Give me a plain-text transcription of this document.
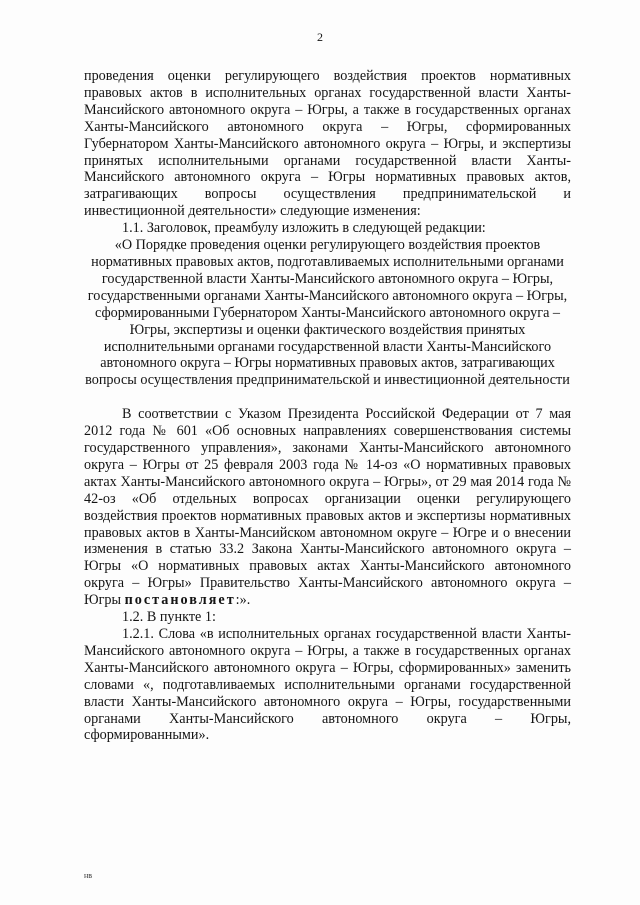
2

проведения оценки регулирующего воздействия проектов нормативных правовых актов в исполнительных органах государственной власти Ханты-Мансийского автономного округа – Югры, а также в государственных органах Ханты-Мансийского автономного округа – Югры, сформированных Губернатором Ханты-Мансийского автономного округа – Югры, и экспертизы принятых исполнительными органами государственной власти Ханты-Мансийского автономного округа – Югры нормативных правовых актов, затрагивающих вопросы осуществления предпринимательской и инвестиционной деятельности» следующие изменения:

1.1. Заголовок, преамбулу изложить в следующей редакции:

«О Порядке проведения оценки регулирующего воздействия проектов нормативных правовых актов, подготавливаемых исполнительными органами государственной власти Ханты-Мансийского автономного округа – Югры, государственными органами Ханты-Мансийского автономного округа – Югры, сформированными Губернатором Ханты-Мансийского автономного округа – Югры, экспертизы и оценки фактического воздействия принятых исполнительными органами государственной власти Ханты-Мансийского автономного округа – Югры нормативных правовых актов, затрагивающих вопросы осуществления предпринимательской и инвестиционной деятельности

В соответствии с Указом Президента Российской Федерации от 7 мая 2012 года № 601 «Об основных направлениях совершенствования системы государственного управления», законами Ханты-Мансийского автономного округа – Югры от 25 февраля 2003 года № 14-оз «О нормативных правовых актах Ханты-Мансийского автономного округа – Югры», от 29 мая 2014 года № 42-оз «Об отдельных вопросах организации оценки регулирующего воздействия проектов нормативных правовых актов и экспертизы нормативных правовых актов в Ханты-Мансийском автономном округе – Югре и о внесении изменения в статью 33.2 Закона Ханты-Мансийского автономного округа – Югры «О нормативных правовых актах Ханты-Мансийского автономного округа – Югры» Правительство Ханты-Мансийского автономного округа – Югры постановляет:».

1.2. В пункте 1:

1.2.1. Слова «в исполнительных органах государственной власти Ханты-Мансийского автономного округа – Югры, а также в государственных органах Ханты-Мансийского автономного округа – Югры, сформированных» заменить словами «, подготавливаемых исполнительными органами государственной власти Ханты-Мансийского автономного округа – Югры, государственными органами Ханты-Мансийского автономного округа – Югры, сформированными».

нв
